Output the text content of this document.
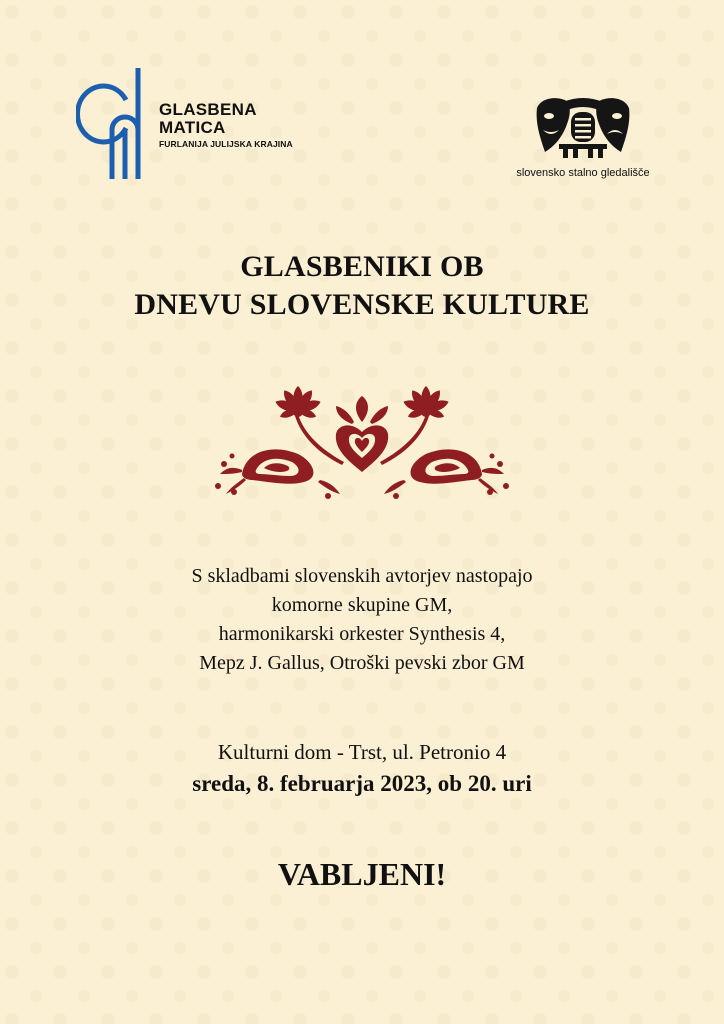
GLASBENA
MATICA
FURLANIJA JULIJSKA KRAJINA
slovensko stalno gledališče
GLASBENIKI OB
DNEVU SLOVENSKE KULTURE
S skladbami slovenskih avtorjev nastopajo
komorne skupine GM,
harmonikarski orkester Synthesis 4,
Mepz J. Gallus, Otroški pevski zbor GM
Kulturni dom - Trst, ul. Petronio 4
sreda, 8. februarja 2023, ob 20. uri
VABLJENI!
